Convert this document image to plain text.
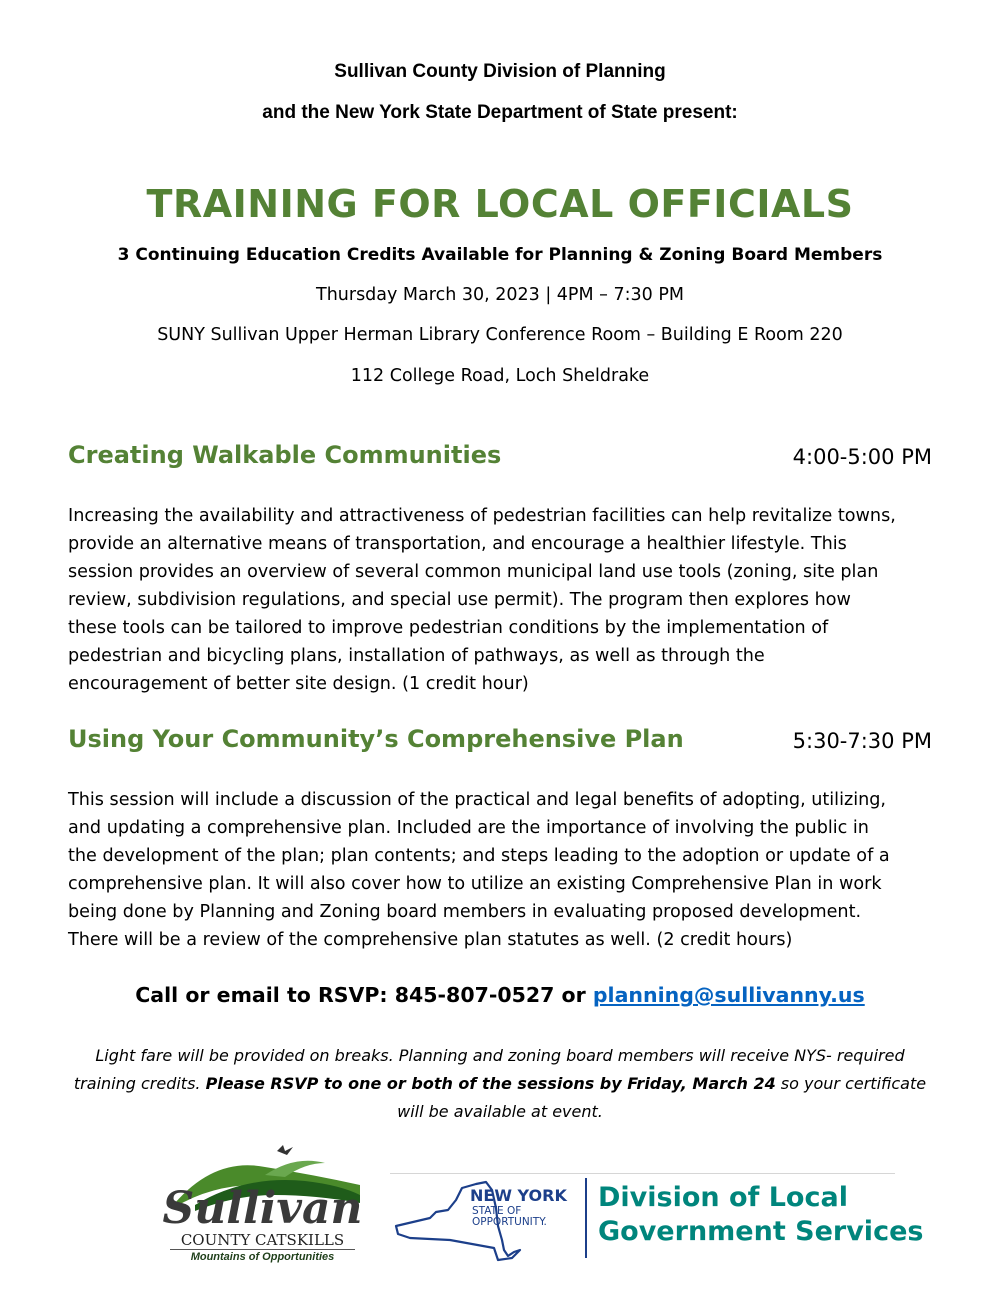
Sullivan County Division of Planning
and the New York State Department of State present:
TRAINING FOR LOCAL OFFICIALS
3 Continuing Education Credits Available for Planning & Zoning Board Members
Thursday March 30, 2023 | 4PM – 7:30 PM
SUNY Sullivan Upper Herman Library Conference Room – Building E Room 220
112 College Road, Loch Sheldrake
Creating Walkable Communities	4:00-5:00 PM
Increasing the availability and attractiveness of pedestrian facilities can help revitalize towns,
provide an alternative means of transportation, and encourage a healthier lifestyle. This
session provides an overview of several common municipal land use tools (zoning, site plan
review, subdivision regulations, and special use permit). The program then explores how
these tools can be tailored to improve pedestrian conditions by the implementation of
pedestrian and bicycling plans, installation of pathways, as well as through the
encouragement of better site design. (1 credit hour)
Using Your Community’s Comprehensive Plan	5:30-7:30 PM
This session will include a discussion of the practical and legal benefits of adopting, utilizing,
and updating a comprehensive plan. Included are the importance of involving the public in
the development of the plan; plan contents; and steps leading to the adoption or update of a
comprehensive plan. It will also cover how to utilize an existing Comprehensive Plan in work
being done by Planning and Zoning board members in evaluating proposed development.
There will be a review of the comprehensive plan statutes as well. (2 credit hours)
Call or email to RSVP: 845-807-0527 or planning@sullivanny.us
Light fare will be provided on breaks. Planning and zoning board members will receive NYS- required
training credits. Please RSVP to one or both of the sessions by Friday, March 24 so your certificate
will be available at event.
Sullivan
COUNTY CATSKILLS
Mountains of Opportunities
NEW YORK
STATE OF
OPPORTUNITY.
Division of Local
Government Services
